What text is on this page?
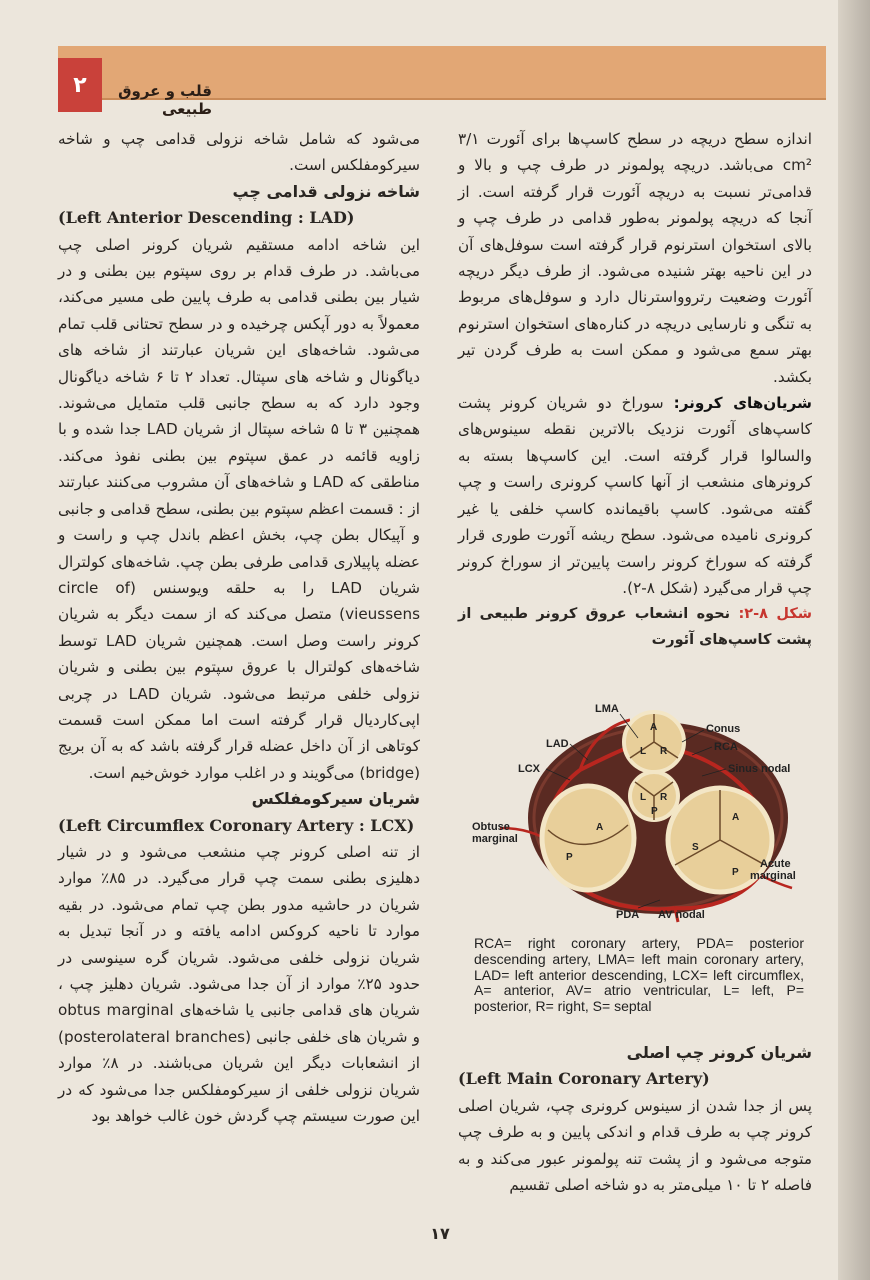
۲	قلب و عروق طبیعی

اندازه سطح دریچه در سطح کاسپ‌ها برای آئورت ۳/۱ cm² می‌باشد. دریچه پولمونر در طرف چپ و بالا و قدامی‌تر نسبت به دریچه آئورت قرار گرفته است. از آنجا که دریچه پولمونر به‌طور قدامی در طرف چپ و بالای استخوان استرنوم قرار گرفته است سوفل‌های آن در این ناحیه بهتر شنیده می‌شود. از طرف دیگر دریچه آئورت وضعیت رتروواسترنال دارد و سوفل‌های مربوط به تنگی و نارسایی دریچه در کناره‌های استخوان استرنوم بهتر سمع می‌شود و ممکن است به طرف گردن تیر بکشد.

شریان‌های کرونر: سوراخ دو شریان کرونر پشت کاسپ‌های آئورت نزدیک بالاترین نقطه سینوس‌های والسالوا قرار گرفته است. این کاسپ‌ها بسته به کرونرهای منشعب از آنها کاسپ کرونری راست و چپ گفته می‌شود. کاسپ باقیمانده کاسپ خلفی یا غیر کرونری نامیده می‌شود. سطح ریشه آئورت طوری قرار گرفته که سوراخ کرونر راست پایین‌تر از سوراخ کرونر چپ قرار می‌گیرد (شکل ۸-۲).

شکل ۸-۲: نحوه انشعاب عروق کرونر طبیعی از پشت کاسپ‌های آئورت

LMA
LAD
LCX
Conus
RCA
Sinus nodal
Obtuse
marginal
Acute
marginal
PDA AV nodal
A
L R
L R
P
A
P
A
S
P
RCA= right coronary artery, PDA= posterior descending artery, LMA= left main coronary artery, LAD= left anterior descending, LCX= left circumflex, A= anterior, AV= atrio ventricular, L= left, P= posterior, R= right, S= septal

شریان کرونر چپ اصلی

(Left Main Coronary Artery)

پس از جدا شدن از سینوس کرونری چپ، شریان اصلی کرونر چپ به طرف قدام و اندکی پایین و به طرف چپ متوجه می‌شود و از پشت تنه پولمونر عبور می‌کند و به فاصله ۲ تا ۱۰ میلی‌متر به دو شاخه اصلی تقسیم

می‌شود که شامل شاخه نزولی قدامی چپ و شاخه سیرکومفلکس است.

شاخه نزولی قدامی چپ

(Left Anterior Descending : LAD)

این شاخه ادامه مستقیم شریان کرونر اصلی چپ می‌باشد. در طرف قدام بر روی سپتوم بین بطنی و در شیار بین بطنی قدامی به طرف پایین طی مسیر می‌کند، معمولاً به دور آپکس چرخیده و در سطح تحتانی قلب تمام می‌شود. شاخه‌های این شریان عبارتند از شاخه های دیاگونال و شاخه های سپتال. تعداد ۲ تا ۶ شاخه دیاگونال وجود دارد که به سطح جانبی قلب متمایل می‌شوند. همچنین ۳ تا ۵ شاخه سپتال از شریان LAD جدا شده و با زاویه قائمه در عمق سپتوم بین بطنی نفوذ می‌کند. مناطقی که LAD و شاخه‌های آن مشروب می‌کنند عبارتند از : قسمت اعظم سپتوم بین بطنی، سطح قدامی و جانبی و آپیکال بطن چپ، بخش اعظم باندل چپ و راست و عضله پاپیلاری قدامی طرفی بطن چپ. شاخه‌های کولترال شریان LAD را به حلقه ویوسنس (circle of vieussens) متصل می‌کند که از سمت دیگر به شریان کرونر راست وصل است. همچنین شریان LAD توسط شاخه‌های کولترال با عروق سپتوم بین بطنی و شریان نزولی خلفی مرتبط می‌شود. شریان LAD در چربی اپی‌کاردیال قرار گرفته است اما ممکن است قسمت کوتاهی از آن داخل عضله قرار گرفته باشد که به آن بریج (bridge) می‌گویند و در اغلب موارد خوش‌خیم است.

شریان سیرکومفلکس

(Left Circumflex Coronary Artery : LCX)

از تنه اصلی کرونر چپ منشعب می‌شود و در شیار دهلیزی بطنی سمت چپ قرار می‌گیرد. در ۸۵٪ موارد شریان در حاشیه مدور بطن چپ تمام می‌شود. در بقیه موارد تا ناحیه کروکس ادامه یافته و در آنجا تبدیل به شریان نزولی خلفی می‌شود. شریان گره سینوسی در حدود ۲۵٪ موارد از آن جدا می‌شود. شریان دهلیز چپ ، شریان های قدامی جانبی یا شاخه‌های obtus marginal و شریان های خلفی جانبی (posterolateral branches) از انشعابات دیگر این شریان می‌باشند. در ۸٪ موارد شریان نزولی خلفی از سیرکومفلکس جدا می‌شود که در این صورت سیستم چپ گردش خون غالب خواهد بود

۱۷
